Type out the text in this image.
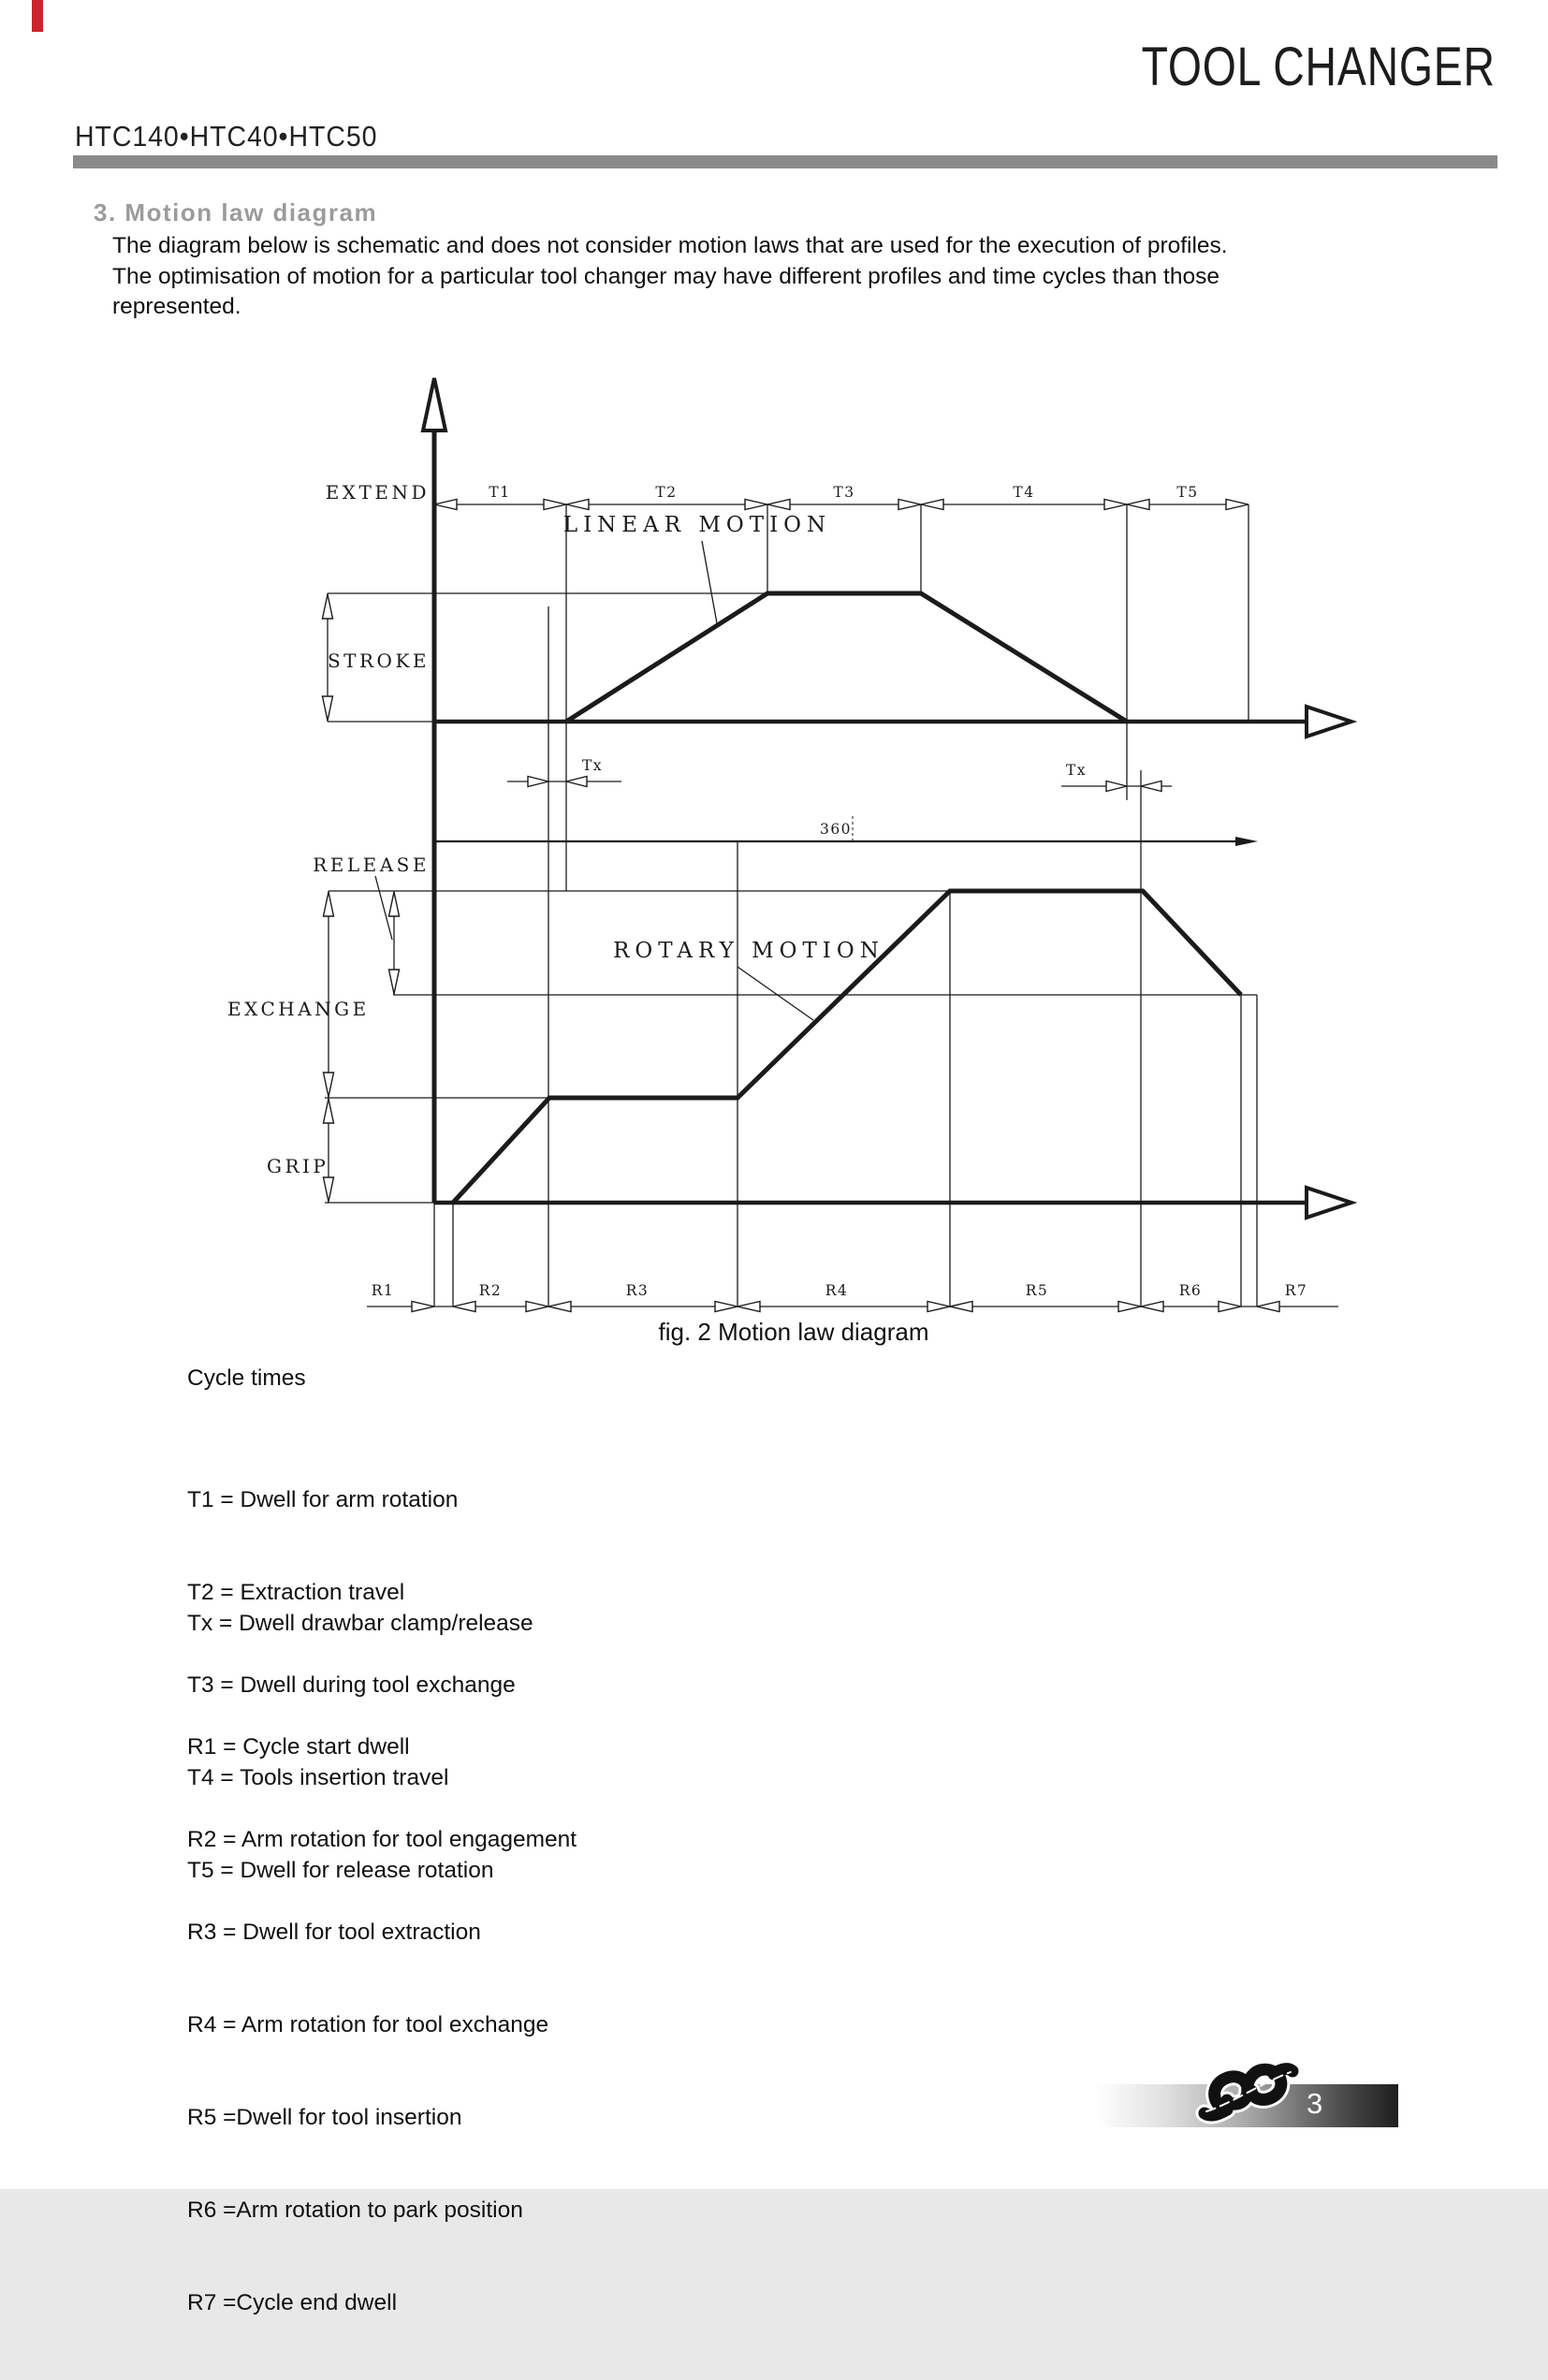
TOOL CHANGER
HTC140•HTC40•HTC50
3. Motion law diagram
The diagram below is schematic and does not consider motion laws that are used for the execution of profiles.
The optimisation of motion for a particular tool changer may have different profiles and time cycles than those
represented.
T1	T2	T3	T4	T5
EXTEND
STROKE
LINEAR MOTION
Tx	Tx
360
RELEASE
EXCHANGE
GRIP
ROTARY MOTION
R1	R2	R3	R4	R5	R6	R7
fig. 2 Motion law diagram
Cycle times

T1 = Dwell for arm rotation

T2 = Extraction travel

T3 = Dwell during tool exchange

T4 = Tools insertion travel

T5 = Dwell for release rotation

Tx = Dwell drawbar clamp/release

R1 = Cycle start dwell

R2 = Arm rotation for tool engagement

R3 = Dwell for tool extraction

R4 = Arm rotation for tool exchange

R5 =Dwell for tool insertion

R6 =Arm rotation to park position

R7 =Cycle end dwell

3
